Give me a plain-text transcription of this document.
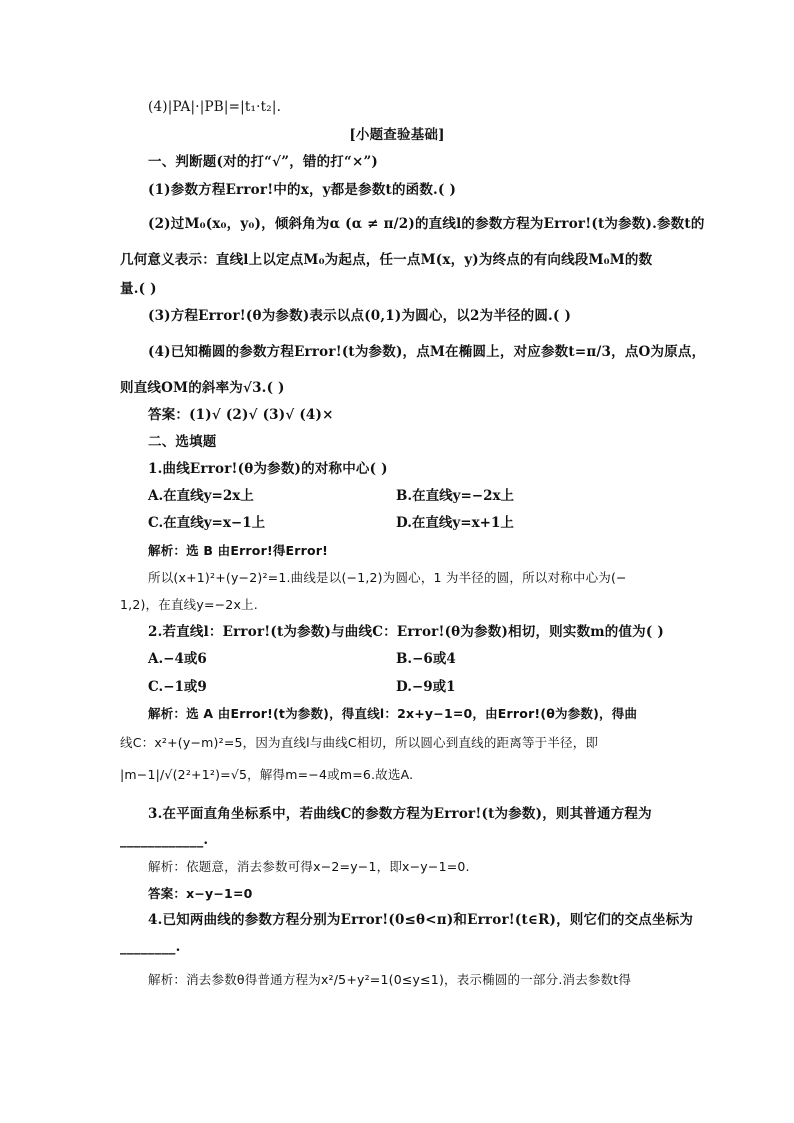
(4)|PA|·|PB|=|t₁·t₂|.
[小题查验基础]
一、判断题(对的打“√”，错的打“×”)
(1)参数方程Error!中的x，y都是参数t的函数.( )
(2)过M₀(x₀，y₀)，倾斜角为α (α ≠ π/2)的直线l的参数方程为Error!(t为参数).参数t的
几何意义表示：直线l上以定点M₀为起点，任一点M(x，y)为终点的有向线段M₀M的数
量.( )
(3)方程Error!(θ为参数)表示以点(0,1)为圆心，以2为半径的圆.( )
(4)已知椭圆的参数方程Error!(t为参数)，点M在椭圆上，对应参数t=π/3，点O为原点，
则直线OM的斜率为√3.( )
答案：(1)√ (2)√ (3)√ (4)×
二、选填题
1.曲线Error!(θ为参数)的对称中心( )
A.在直线y=2x上	B.在直线y=−2x上
C.在直线y=x−1上	D.在直线y=x+1上
解析：选 B 由Error!得Error!
所以(x+1)²+(y−2)²=1.曲线是以(−1,2)为圆心，1 为半径的圆，所以对称中心为(−
1,2)，在直线y=−2x上.
2.若直线l：Error!(t为参数)与曲线C：Error!(θ为参数)相切，则实数m的值为( )
A.−4或6	B.−6或4
C.−1或9	D.−9或1
解析：选 A 由Error!(t为参数)，得直线l：2x+y−1=0，由Error!(θ为参数)，得曲
线C：x²+(y−m)²=5，因为直线l与曲线C相切，所以圆心到直线的距离等于半径，即
|m−1|/√(2²+1²)=√5，解得m=−4或m=6.故选A.
3.在平面直角坐标系中，若曲线C的参数方程为Error!(t为参数)，则其普通方程为
____________.
解析：依题意，消去参数可得x−2=y−1，即x−y−1=0.
答案：x−y−1=0
4.已知两曲线的参数方程分别为Error!(0≤θ<π)和Error!(t∈R)，则它们的交点坐标为
________.
解析：消去参数θ得普通方程为x²/5+y²=1(0≤y≤1)，表示椭圆的一部分.消去参数t得
